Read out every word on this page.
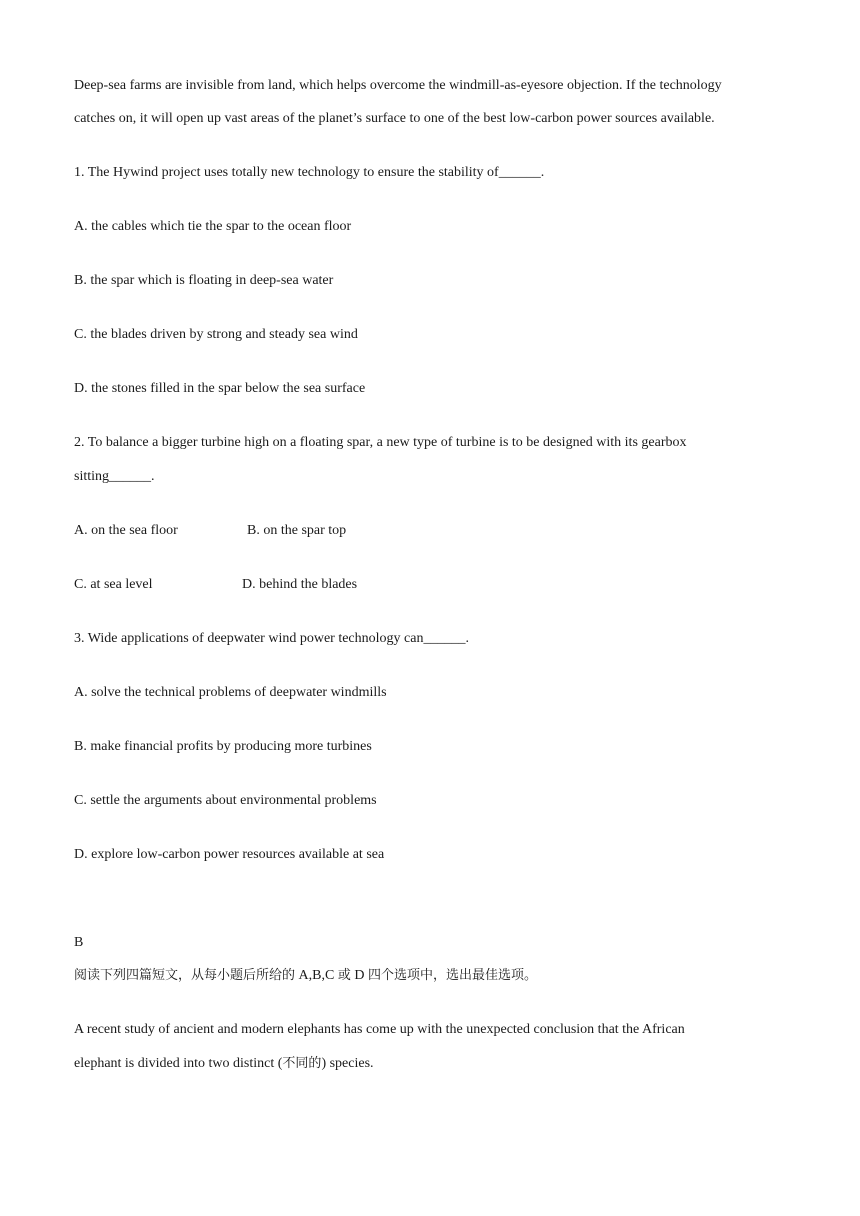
Deep-sea farms are invisible from land, which helps overcome the windmill-as-eyesore objection. If the technology
catches on, it will open up vast areas of the planet’s surface to one of the best low-carbon power sources available.
1. The Hywind project uses totally new technology to ensure the stability of______.
A. the cables which tie the spar to the ocean floor
B. the spar which is floating in deep-sea water
C. the blades driven by strong and steady sea wind
D. the stones filled in the spar below the sea surface
2. To balance a bigger turbine high on a floating spar, a new type of turbine is to be designed with its gearbox
sitting______.
A. on the sea floor	B. on the spar top
C. at sea level	D. behind the blades
3. Wide applications of deepwater wind power technology can______.
A. solve the technical problems of deepwater windmills
B. make financial profits by producing more turbines
C. settle the arguments about environmental problems
D. explore low-carbon power resources available at sea
B
阅读下列四篇短文，从每小题后所给的 A,B,C 或 D 四个选项中，选出最佳选项。
A recent study of ancient and modern elephants has come up with the unexpected conclusion that the African
elephant is divided into two distinct (不同的) species.
